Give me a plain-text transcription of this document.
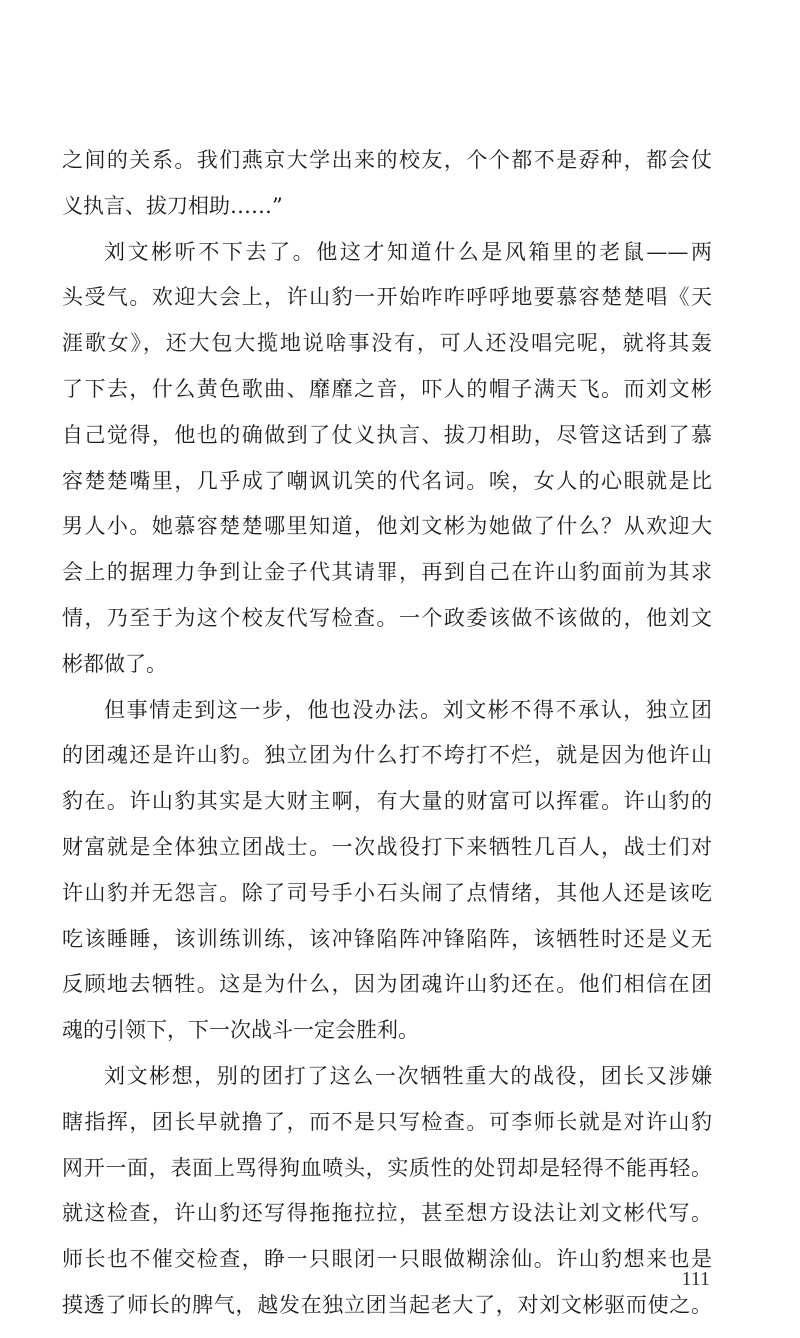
之间的关系。我们燕京大学出来的校友，个个都不是孬种，都会仗
义执言、拔刀相助……”
刘文彬听不下去了。他这才知道什么是风箱里的老鼠——两
头受气。欢迎大会上，许山豹一开始咋咋呼呼地要慕容楚楚唱《天
涯歌女》，还大包大揽地说啥事没有，可人还没唱完呢，就将其轰
了下去，什么黄色歌曲、靡靡之音，吓人的帽子满天飞。而刘文彬
自己觉得，他也的确做到了仗义执言、拔刀相助，尽管这话到了慕
容楚楚嘴里，几乎成了嘲讽讥笑的代名词。唉，女人的心眼就是比
男人小。她慕容楚楚哪里知道，他刘文彬为她做了什么？从欢迎大
会上的据理力争到让金子代其请罪，再到自己在许山豹面前为其求
情，乃至于为这个校友代写检查。一个政委该做不该做的，他刘文
彬都做了。
但事情走到这一步，他也没办法。刘文彬不得不承认，独立团
的团魂还是许山豹。独立团为什么打不垮打不烂，就是因为他许山
豹在。许山豹其实是大财主啊，有大量的财富可以挥霍。许山豹的
财富就是全体独立团战士。一次战役打下来牺牲几百人，战士们对
许山豹并无怨言。除了司号手小石头闹了点情绪，其他人还是该吃
吃该睡睡，该训练训练，该冲锋陷阵冲锋陷阵，该牺牲时还是义无
反顾地去牺牲。这是为什么，因为团魂许山豹还在。他们相信在团
魂的引领下，下一次战斗一定会胜利。
刘文彬想，别的团打了这么一次牺牲重大的战役，团长又涉嫌
瞎指挥，团长早就撸了，而不是只写检查。可李师长就是对许山豹
网开一面，表面上骂得狗血喷头，实质性的处罚却是轻得不能再轻。
就这检查，许山豹还写得拖拖拉拉，甚至想方设法让刘文彬代写。
师长也不催交检查，睁一只眼闭一只眼做糊涂仙。许山豹想来也是
摸透了师长的脾气，越发在独立团当起老大了，对刘文彬驱而使之。
111
